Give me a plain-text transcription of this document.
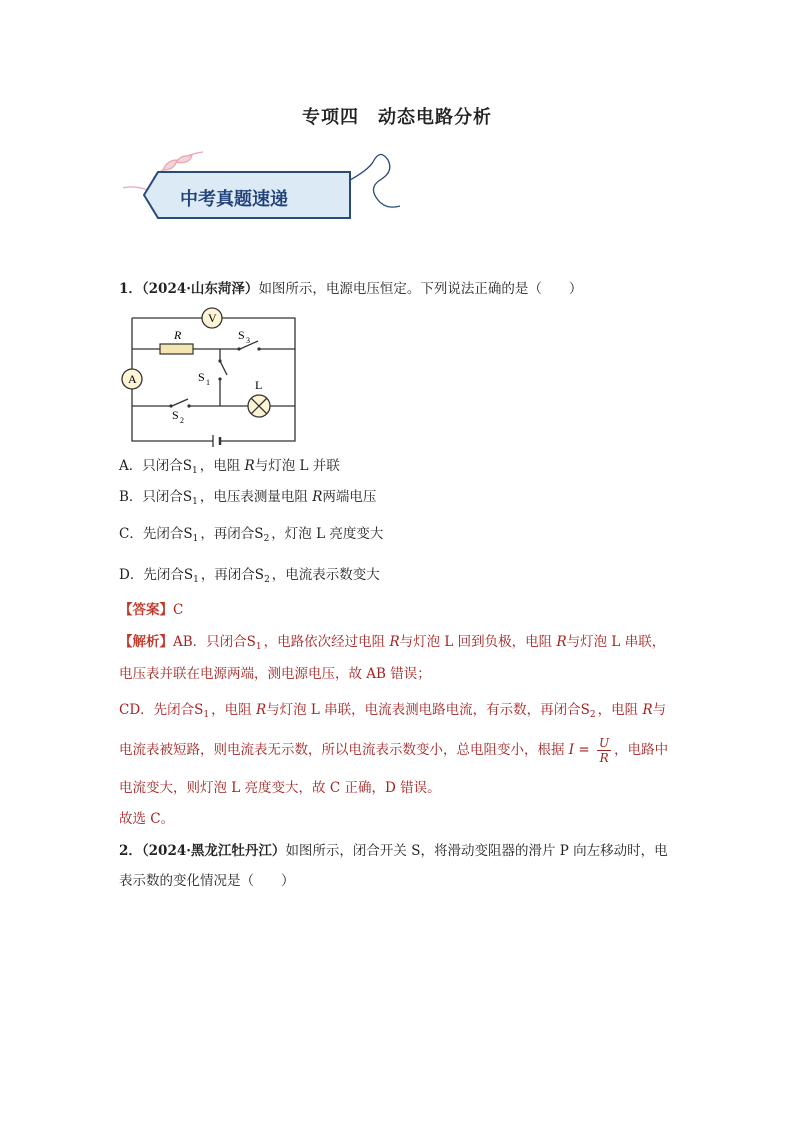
专项四　动态电路分析
中考真题速递
1．（2024·山东菏泽）如图所示，电源电压恒定。下列说法正确的是（　　）
V
A
R
L
S 3
S 1
S 2
A．只闭合$S_1$ ，电阻 R与灯泡 L 并联
B．只闭合$S_1$ ，电压表测量电阻 R两端电压
C．先闭合$S_1$ ，再闭合$S_2$ ，灯泡 L 亮度变大
D．先闭合$S_1$ ，再闭合$S_2$ ，电流表示数变大
【答案】C
【解析】AB．只闭合$S_1$ ，电路依次经过电阻 R与灯泡 L 回到负极，电阻 R与灯泡 L 串联，
电压表并联在电源两端，测电源电压，故 AB 错误；
CD．先闭合$S_1$ ，电阻 R与灯泡 L 串联，电流表测电路电流，有示数，再闭合$S_2$ ，电阻 R与
电流表被短路，则电流表无示数，所以电流表示数变小，总电阻变小，根据 $I = \frac{U}{R}$ ，电路中
电流变大，则灯泡 L 亮度变大，故 C 正确，D 错误。
故选 C。
2．（2024·黑龙江牡丹江）如图所示，闭合开关 S，将滑动变阻器的滑片 P 向左移动时，电
表示数的变化情况是（　　）
